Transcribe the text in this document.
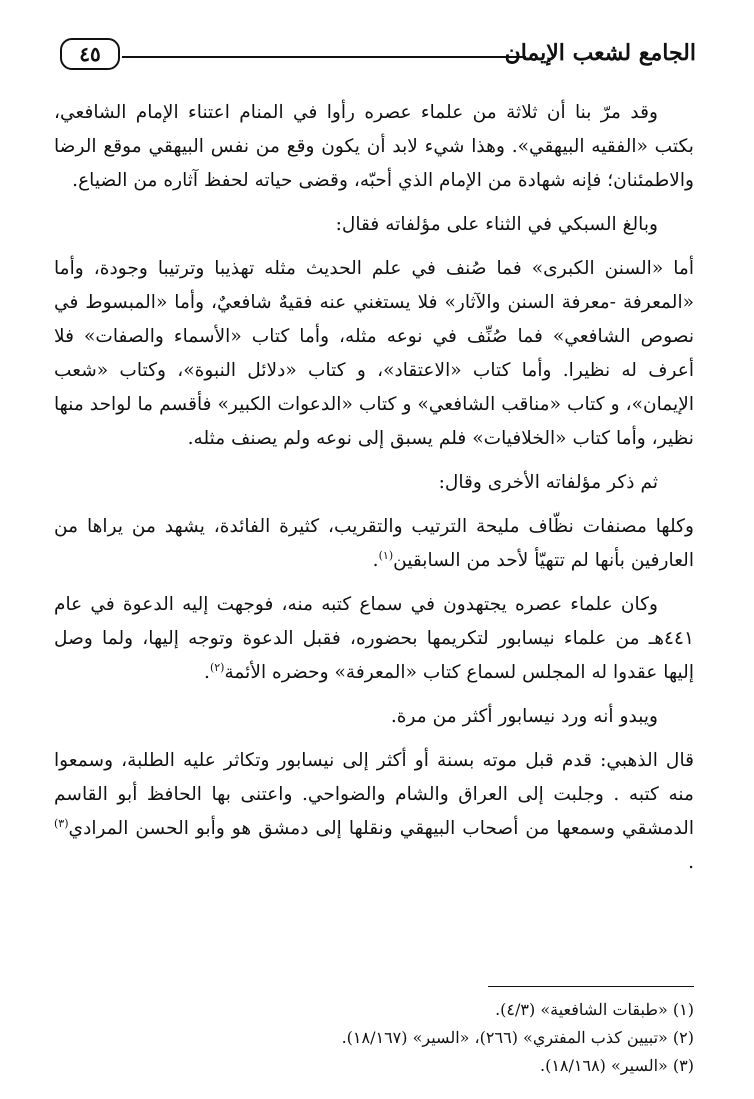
الجامع لشعب الإيمان
٤٥

وقد مرّ بنا أن ثلاثة من علماء عصره رأوا في المنام اعتناء الإمام الشافعي، بكتب «الفقيه البيهقي». وهذا شيء لابد أن يكون وقع من نفس البيهقي موقع الرضا والاطمئنان؛ فإنه شهادة من الإمام الذي أحبّه، وقضى حياته لحفظ آثاره من الضياع.

وبالغ السبكي في الثناء على مؤلفاته فقال:

أما «السنن الكبرى» فما صُنف في علم الحديث مثله تهذيبا وترتيبا وجودة، وأما «المعرفة -معرفة السنن والآثار» فلا يستغني عنه فقيهٌ شافعيٌ، وأما «المبسوط في نصوص الشافعي» فما صُنِّف في نوعه مثله، وأما كتاب «الأسماء والصفات» فلا أعرف له نظيرا. وأما كتاب «الاعتقاد»، و كتاب «دلائل النبوة»، وكتاب «شعب الإيمان»، و كتاب «مناقب الشافعي» و كتاب «الدعوات الكبير» فأقسم ما لواحد منها نظير، وأما كتاب «الخلافيات» فلم يسبق إلى نوعه ولم يصنف مثله.

ثم ذكر مؤلفاته الأخرى وقال:

وكلها مصنفات نظّاف مليحة الترتيب والتقريب، كثيرة الفائدة، يشهد من يراها من العارفين بأنها لم تتهيّأ لأحد من السابقين$^{(١)}$.

وكان علماء عصره يجتهدون في سماع كتبه منه، فوجهت إليه الدعوة في عام ٤٤١هـ من علماء نيسابور لتكريمها بحضوره، فقبل الدعوة وتوجه إليها، ولما وصل إليها عقدوا له المجلس لسماع كتاب «المعرفة» وحضره الأئمة$^{(٢)}$.

ويبدو أنه ورد نيسابور أكثر من مرة.

قال الذهبي: قدم قبل موته بسنة أو أكثر إلى نيسابور وتكاثر عليه الطلبة، وسمعوا منه كتبه . وجلبت إلى العراق والشام والضواحي. واعتنى بها الحافظ أبو القاسم الدمشقي وسمعها من أصحاب البيهقي ونقلها إلى دمشق هو وأبو الحسن المرادي$^{(٣)}$ .

(١) «طبقات الشافعية» (٤/٣).
(٢) «تبيين كذب المفتري» (٢٦٦)، «السير» (١٨/١٦٧).
(٣) «السير» (١٨/١٦٨).
